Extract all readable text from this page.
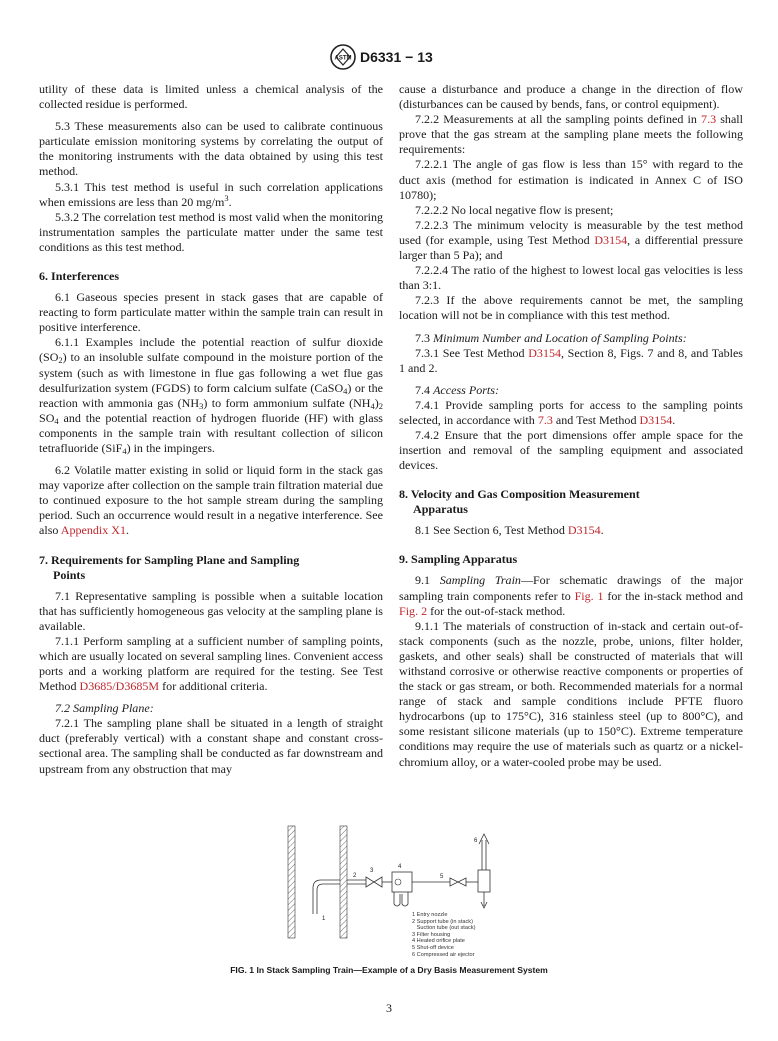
ASTM D6331 − 13

utility of these data is limited unless a chemical analysis of the collected residue is performed.

5.3 These measurements also can be used to calibrate continuous particulate emission monitoring systems by correlating the output of the monitoring instruments with the data obtained by using this test method.

5.3.1 This test method is useful in such correlation applications when emissions are less than 20 $mg/m^3$.

5.3.2 The correlation test method is most valid when the monitoring instrumentation samples the particulate matter under the same test conditions as this test method.

6. Interferences

6.1 Gaseous species present in stack gases that are capable of reacting to form particulate matter within the sample train can result in positive interference.

6.1.1 Examples include the potential reaction of sulfur dioxide $(SO_2)$ to an insoluble sulfate compound in the moisture portion of the system (such as with limestone in flue gas following a wet flue gas desulfurization system (FGDS) to form calcium sulfate (CaSO$_4$) or the reaction with ammonia gas $(NH_3)$ to form ammonium sulfate $(NH_4)_2$ $SO_4$ and the potential reaction of hydrogen fluoride (HF) with glass components in the sample train with resultant collection of silicon tetrafluoride (SiF$_4$) in the impingers.

6.2 Volatile matter existing in solid or liquid form in the stack gas may vaporize after collection on the sample train filtration material due to continued exposure to the hot sample stream during the sampling period. Such an occurrence would result in a negative interference. See also Appendix X1.

7. Requirements for Sampling Plane and Sampling
Points

7.1 Representative sampling is possible when a suitable location that has sufficiently homogeneous gas velocity at the sampling plane is available.

7.1.1 Perform sampling at a sufficient number of sampling points, which are usually located on several sampling lines. Convenient access ports and a working platform are required for the testing. See Test Method D3685/D3685M for additional criteria.

7.2 Sampling Plane:

7.2.1 The sampling plane shall be situated in a length of straight duct (preferably vertical) with a constant shape and constant cross-sectional area. The sampling shall be conducted as far downstream and upstream from any obstruction that may

cause a disturbance and produce a change in the direction of flow (disturbances can be caused by bends, fans, or control equipment).

7.2.2 Measurements at all the sampling points defined in 7.3 shall prove that the gas stream at the sampling plane meets the following requirements:

7.2.2.1 The angle of gas flow is less than 15° with regard to the duct axis (method for estimation is indicated in Annex C of ISO 10780);

7.2.2.2 No local negative flow is present;

7.2.2.3 The minimum velocity is measurable by the test method used (for example, using Test Method D3154, a differential pressure larger than 5 Pa); and

7.2.2.4 The ratio of the highest to lowest local gas velocities is less than 3:1.

7.2.3 If the above requirements cannot be met, the sampling location will not be in compliance with this test method.

7.3 Minimum Number and Location of Sampling Points:

7.3.1 See Test Method D3154, Section 8, Figs. 7 and 8, and Tables 1 and 2.

7.4 Access Ports:

7.4.1 Provide sampling ports for access to the sampling points selected, in accordance with 7.3 and Test Method D3154.

7.4.2 Ensure that the port dimensions offer ample space for the insertion and removal of the sampling equipment and associated devices.

8. Velocity and Gas Composition Measurement
Apparatus

8.1 See Section 6, Test Method D3154.

9. Sampling Apparatus

9.1 Sampling Train—For schematic drawings of the major sampling train components refer to Fig. 1 for the in-stack method and Fig. 2 for the out-of-stack method.

9.1.1 The materials of construction of in-stack and certain out-of-stack components (such as the nozzle, probe, unions, filter holder, gaskets, and other seals) shall be constructed of materials that will withstand corrosive or otherwise reactive components or properties of the stack or gas stream, or both. Recommended materials for a normal range of stack and sample conditions include PFTE fluoro hydrocarbons (up to 175°C), 316 stainless steel (up to 800°C), and some resistant silicone materials (up to 150°C). Extreme temperature conditions may require the use of materials such as quartz or a nickel-chromium alloy, or a water-cooled probe may be used.

1
2
3
4
5
6
1 Entry nozzle
2 Support tube (in stack)
Suction tube (out stack)
3 Filter housing
4 Heated orifice plate
5 Shut-off device
6 Compressed air ejector
FIG. 1 In Stack Sampling Train—Example of a Dry Basis Measurement System
3
